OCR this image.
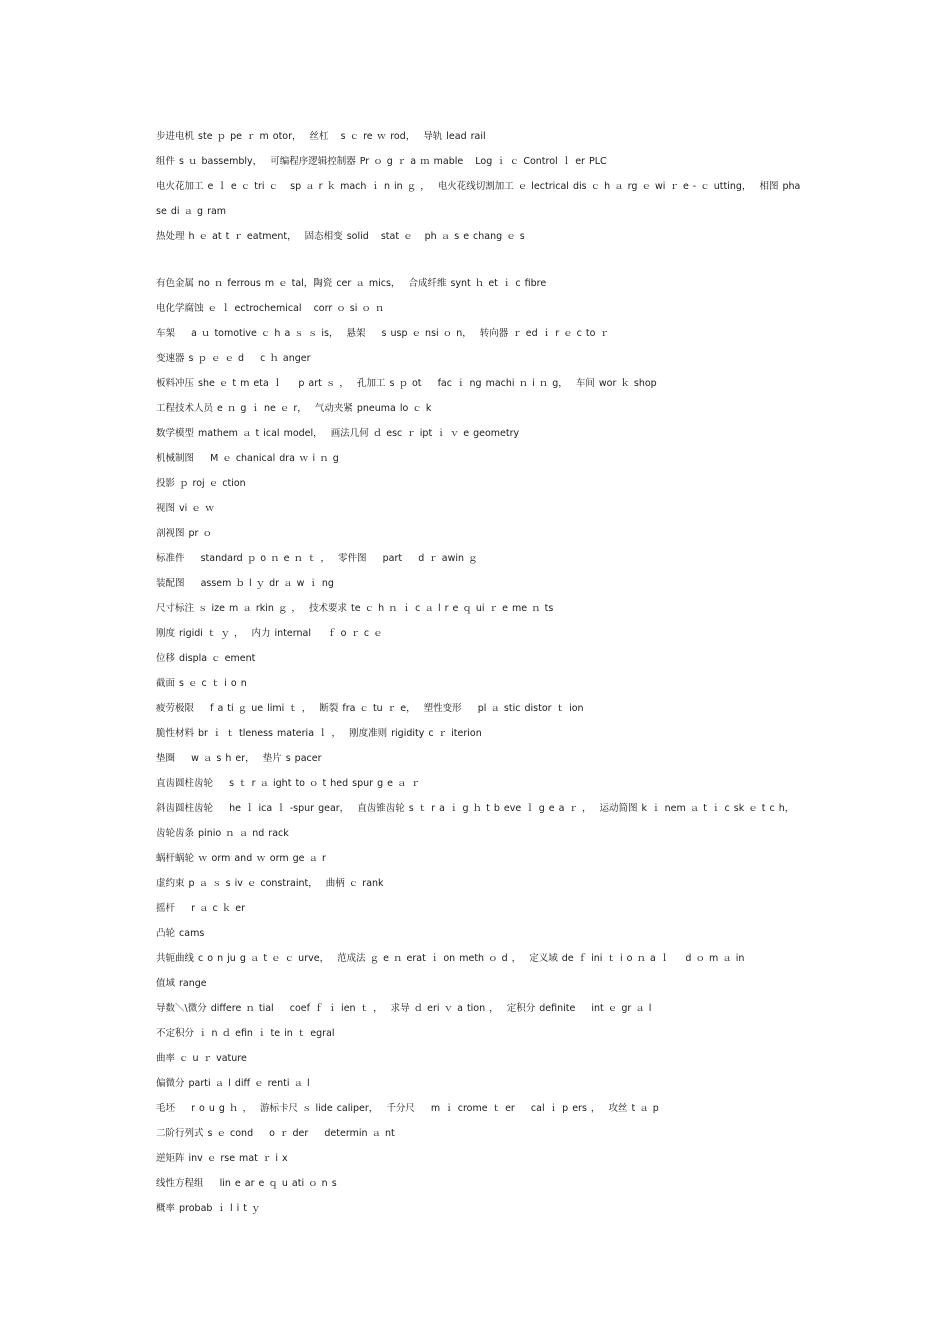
步进电机 ste ｐ pe ｒ m otor，  丝杠   s ｃ re ｗ rod，  导轨 lead rail
组件 s ｕ bassembly，  可编程序逻辑控制器 Pr ｏ g ｒ a ｍ mable   Log ｉ ｃ Control ｌ er PLC
电火花加工 e ｌ e ｃ tri ｃ   sp ａ r ｋ mach ｉ n in ｇ ，  电火花线切割加工 ｅ lectrical dis ｃ h ａ rg ｅ wi ｒ e - ｃ utting，  相图 phase di ａ g ram
热处理 h ｅ at t ｒ eatment，  固态相变 solid   stat ｅ   ph ａ s e chang ｅ s
有色金属 no ｎ ferrous m ｅ tal，陶瓷 cer ａ mics，  合成纤维 synt ｈ et ｉ c fibre
电化学腐蚀 ｅ ｌ ectrochemical   corr ｏ si ｏ ｎ
车架    a ｕ tomotive ｃ h a ｓ ｓ is，  悬架    s usp ｅ nsi ｏ n，  转向器 ｒ ed ｉ r ｅ c to ｒ
变速器 s ｐ ｅ ｅ d    c ｈ anger
板料冲压 she ｅ t m eta ｌ    p art ｓ ，  孔加工 s ｐ ot    fac ｉ ng machi ｎ i ｎ g，  车间 wor ｋ shop
工程技术人员 e ｎ g ｉ ne ｅ r，  气动夹紧 pneuma lo ｃ k
数学模型 mathem ａ t ical model，  画法几何 ｄ esc ｒ ipt ｉ ｖ e geometry
机械制图    M ｅ chanical dra ｗ i ｎ g
投影 ｐ roj ｅ ction
视图 vi ｅ ｗ
剖视图 pr ｏ
标准件    standard ｐ o ｎ e ｎ ｔ ，  零件图    part    d ｒ awin ｇ
装配图    assem ｂ l ｙ dr ａ w ｉ ng
尺寸标注 ｓ ize m ａ rkin ｇ ，  技术要求 te ｃ h ｎ ｉ c ａ l r e ｑ ui ｒ e me ｎ ts
刚度 rigidi ｔ ｙ ，  内力 internal    ｆ o ｒ c ｅ
位移 displa ｃ ement
截面 s ｅ c ｔ i o n
疲劳极限    f a ti ｇ ue limi ｔ ，  断裂 fra ｃ tu ｒ e，  塑性变形    pl ａ stic distor ｔ ion
脆性材料 br ｉ ｔ tleness materia ｌ ，  刚度准则 rigidity c ｒ iterion
垫圈    w ａ s h er，  垫片 s pacer
直齿圆柱齿轮    s ｔ r ａ ight to ｏ t hed spur g e ａ ｒ
斜齿圆柱齿轮    he ｌ ica ｌ -spur gear，  直齿锥齿轮 s ｔ r a ｉ g ｈ t b eve ｌ g e a ｒ ，  运动简图 k ｉ nem ａ t ｉ c sk ｅ t c h，  齿轮齿条 pinio ｎ ａ nd rack
蜗杆蜗轮 ｗ orm and ｗ orm ge ａ r
虚约束 p ａ ｓ s iv ｅ constraint，  曲柄 ｃ rank
摇杆    r ａ c ｋ er
凸轮 cams
共轭曲线 c o n ju g ａ t ｅ ｃ urve，  范成法 ｇ e ｎ erat ｉ on meth ｏ d ，  定义域 de ｆ ini ｔ i o ｎ a ｌ    d ｏ m ａ in
值域 range
导数＼\微分 differe ｎ tial    coef ｆ ｉ ien ｔ ，  求导 ｄ eri ｖ a tion ，  定积分 definite    int ｅ gr ａ l
不定积分 ｉ n ｄ efin ｉ te in ｔ egral
曲率 ｃ u ｒ vature
偏微分 parti ａ l diff ｅ renti ａ l
毛坯    r o u g ｈ ，  游标卡尺 ｓ lide caliper，  千分尺    m ｉ crome ｔ er    cal ｉ p ers ，  攻丝 t ａ p
二阶行列式 s ｅ cond    o ｒ der    determin ａ nt
逆矩阵 inv ｅ rse mat ｒ i x
线性方程组    lin e ar e ｑ u ati ｏ n s
概率 probab ｉ l i t ｙ
